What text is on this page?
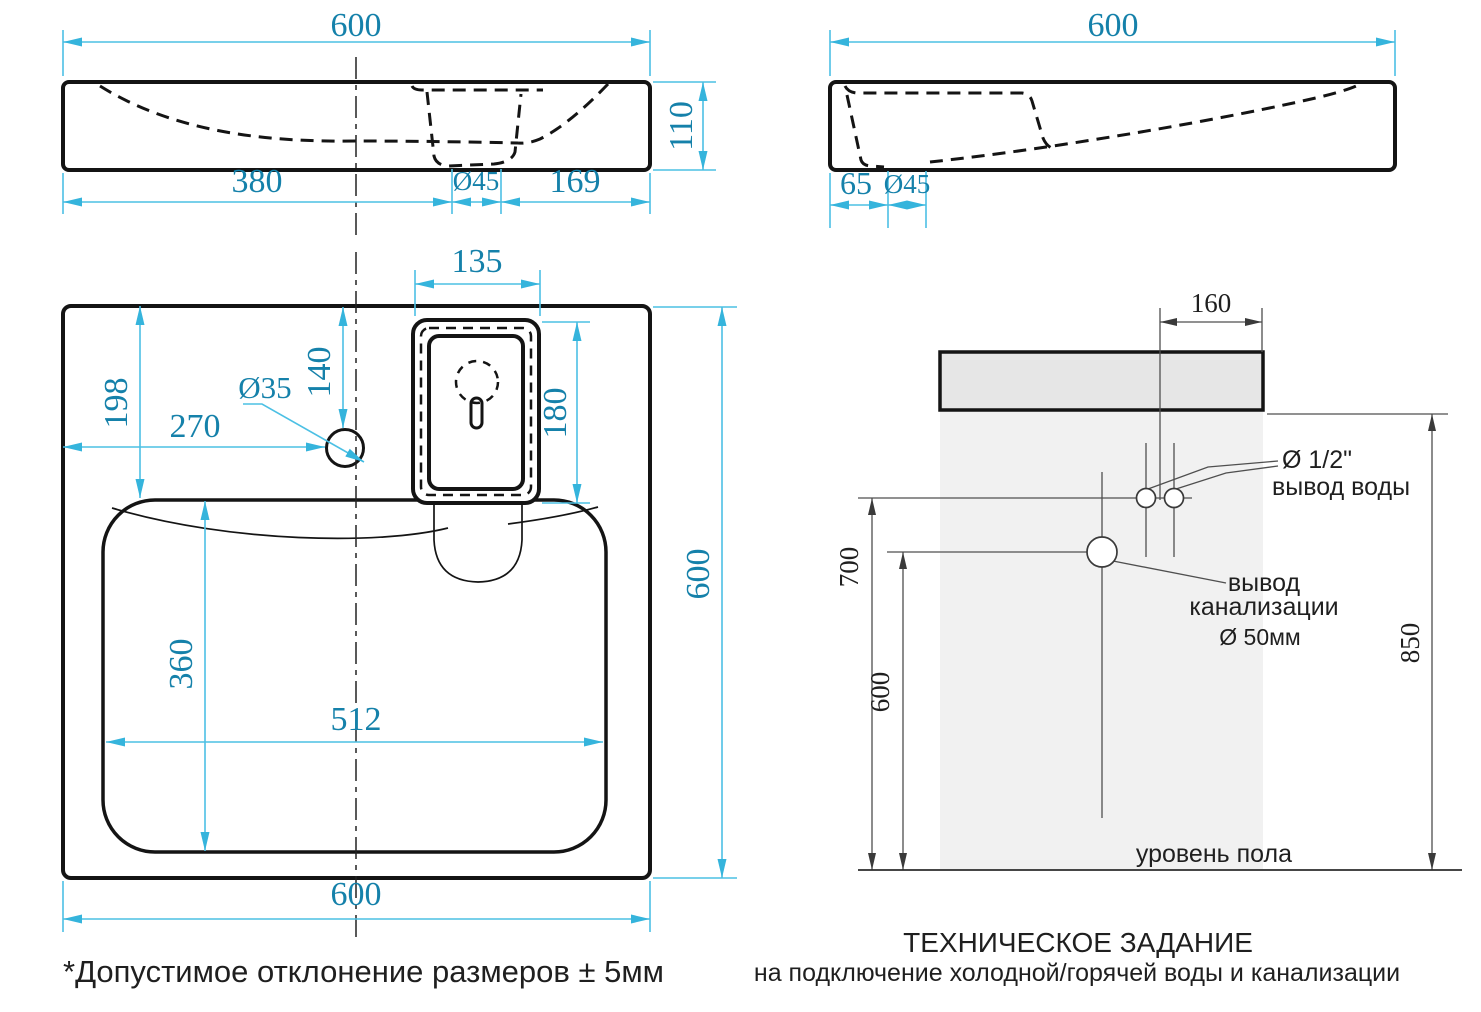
600
110
380	Ø45 169
600
65 Ø45
135
180
198
140
Ø35
270
600
360
512
600
*Допустимое отклонение размеров ± 5мм
160
700
600
850
Ø 1/2"
вывод воды
вывод
канализации
Ø 50мм
уровень пола
ТЕХНИЧЕСКОЕ ЗАДАНИЕ
на подключение холодной/горячей воды и канализации
